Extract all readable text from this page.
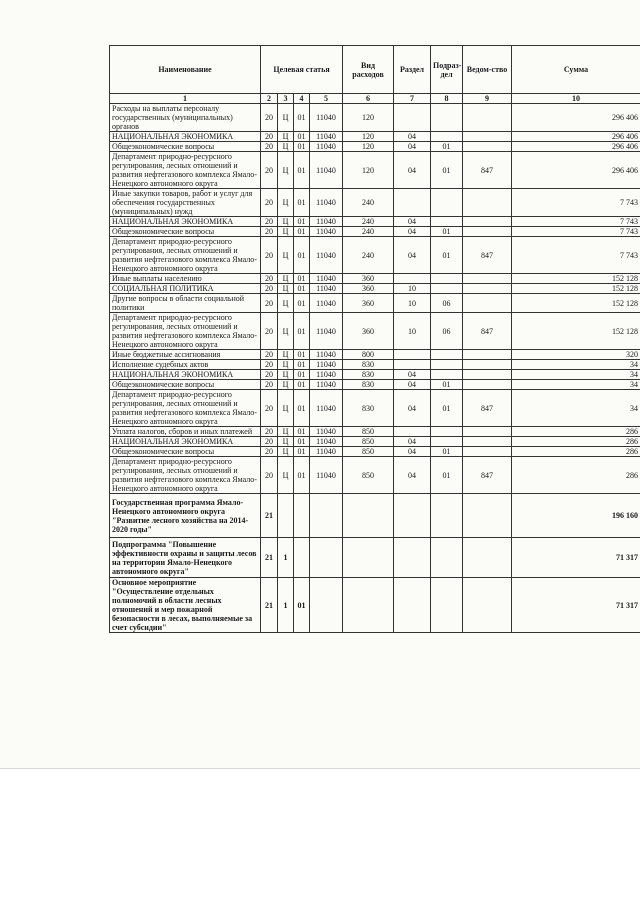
Наименование	Целевая статья				Вид расходов	Раздел	Подраз-дел	Ведом-ство	Сумма
1	2	3	4	5	6	7	8	9	10
Расходы на выплаты персоналу государственных (муниципальных) органов	20	Ц	01	11040	120				296 406
НАЦИОНАЛЬНАЯ ЭКОНОМИКА	20	Ц	01	11040	120	04			296 406
Общеэкономические вопросы	20	Ц	01	11040	120	04	01		296 406
Департамент природно-ресурсного регулирования, лесных отношений и развития нефтегазового комплекса Ямало-Ненецкого автономного округа	20	Ц	01	11040	120	04	01	847	296 406
Иные закупки товаров, работ и услуг для обеспечения государственных (муниципальных) нужд	20	Ц	01	11040	240				7 743
НАЦИОНАЛЬНАЯ ЭКОНОМИКА	20	Ц	01	11040	240	04			7 743
Общеэкономические вопросы	20	Ц	01	11040	240	04	01		7 743
Департамент природно-ресурсного регулирования, лесных отношений и развития нефтегазового комплекса Ямало-Ненецкого автономного округа	20	Ц	01	11040	240	04	01	847	7 743
Иные выплаты населению	20	Ц	01	11040	360				152 128
СОЦИАЛЬНАЯ ПОЛИТИКА	20	Ц	01	11040	360	10			152 128
Другие вопросы в области социальной политики	20	Ц	01	11040	360	10	06		152 128
Департамент природно-ресурсного регулирования, лесных отношений и развития нефтегазового комплекса Ямало-Ненецкого автономного округа	20	Ц	01	11040	360	10	06	847	152 128
Иные бюджетные ассигнования	20	Ц	01	11040	800				320
Исполнение судебных актов	20	Ц	01	11040	830				34
НАЦИОНАЛЬНАЯ ЭКОНОМИКА	20	Ц	01	11040	830	04			34
Общеэкономические вопросы	20	Ц	01	11040	830	04	01		34
Департамент природно-ресурсного регулирования, лесных отношений и развития нефтегазового комплекса Ямало-Ненецкого автономного округа	20	Ц	01	11040	830	04	01	847	34
Уплата налогов, сборов и иных платежей	20	Ц	01	11040	850				286
НАЦИОНАЛЬНАЯ ЭКОНОМИКА	20	Ц	01	11040	850	04			286
Общеэкономические вопросы	20	Ц	01	11040	850	04	01		286
Департамент природно-ресурсного регулирования, лесных отношений и развития нефтегазового комплекса Ямало-Ненецкого автономного округа	20	Ц	01	11040	850	04	01	847	286
Государственная программа Ямало-Ненецкого автономного округа "Развитие лесного хозяйства на 2014-2020 годы"	21								196 160
Подпрограмма "Повышение эффективности охраны и защиты лесов на территории Ямало-Ненецкого автономного округа"	21	1							71 317
Основное мероприятие "Осуществление отдельных полномочий в области лесных отношений и мер пожарной безопасности в лесах, выполняемые за счет субсидии"	21	1	01						71 317
